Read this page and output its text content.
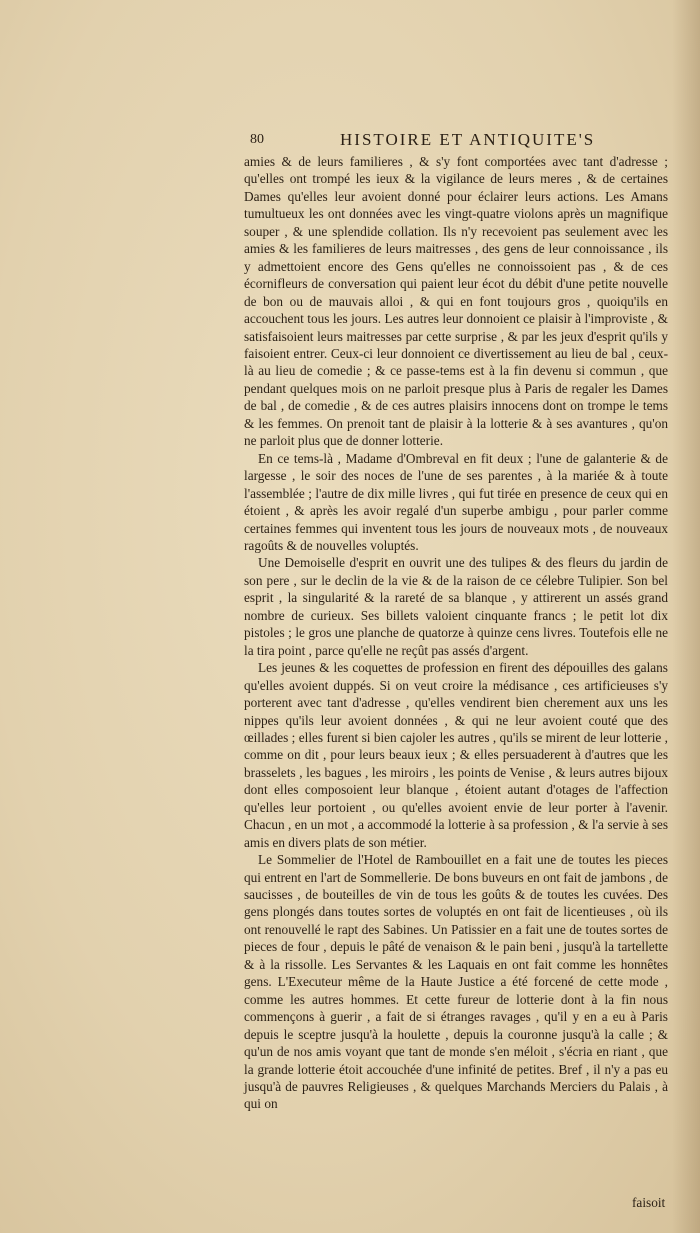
80	HISTOIRE ET ANTIQUITE'S

amies & de leurs familieres , & s'y font comportées avec tant d'adresse ; qu'elles ont trompé les ieux & la vigilance de leurs meres , & de certaines Dames qu'elles leur avoient donné pour éclairer leurs actions. Les Amans tumultueux les ont données avec les vingt-quatre violons après un magnifique souper , & une splendide collation. Ils n'y recevoient pas seulement avec les amies & les familieres de leurs maitresses , des gens de leur connoissance , ils y admettoient encore des Gens qu'elles ne connoissoient pas , & de ces écornifleurs de conversation qui paient leur écot du débit d'une petite nouvelle de bon ou de mauvais alloi , & qui en font toujours gros , quoiqu'ils en accouchent tous les jours. Les autres leur donnoient ce plaisir à l'improviste , & satisfaisoient leurs maitresses par cette surprise , & par les jeux d'esprit qu'ils y faisoient entrer. Ceux-ci leur donnoient ce divertissement au lieu de bal , ceux-là au lieu de comedie ; & ce passe-tems est à la fin devenu si commun , que pendant quelques mois on ne parloit presque plus à Paris de regaler les Dames de bal , de comedie , & de ces autres plaisirs innocens dont on trompe le tems & les femmes. On prenoit tant de plaisir à la lotterie & à ses avantures , qu'on ne parloit plus que de donner lotterie.

En ce tems-là , Madame d'Ombreval en fit deux ; l'une de galanterie & de largesse , le soir des noces de l'une de ses parentes , à la mariée & à toute l'assemblée ; l'autre de dix mille livres , qui fut tirée en presence de ceux qui en étoient , & après les avoir regalé d'un superbe ambigu , pour parler comme certaines femmes qui inventent tous les jours de nouveaux mots , de nouveaux ragoûts & de nouvelles voluptés.

Une Demoiselle d'esprit en ouvrit une des tulipes & des fleurs du jardin de son pere , sur le declin de la vie & de la raison de ce célebre Tulipier. Son bel esprit , la singularité & la rareté de sa blanque , y attirerent un assés grand nombre de curieux. Ses billets valoient cinquante francs ; le petit lot dix pistoles ; le gros une planche de quatorze à quinze cens livres. Toutefois elle ne la tira point , parce qu'elle ne reçût pas assés d'argent.

Les jeunes & les coquettes de profession en firent des dépouilles des galans qu'elles avoient duppés. Si on veut croire la médisance , ces artificieuses s'y porterent avec tant d'adresse , qu'elles vendirent bien cherement aux uns les nippes qu'ils leur avoient données , & qui ne leur avoient couté que des œillades ; elles furent si bien cajoler les autres , qu'ils se mirent de leur lotterie , comme on dit , pour leurs beaux ieux ; & elles persuaderent à d'autres que les brasselets , les bagues , les miroirs , les points de Venise , & leurs autres bijoux dont elles composoient leur blanque , étoient autant d'otages de l'affection qu'elles leur portoient , ou qu'elles avoient envie de leur porter à l'avenir. Chacun , en un mot , a accommodé la lotterie à sa profession , & l'a servie à ses amis en divers plats de son métier.

Le Sommelier de l'Hotel de Rambouillet en a fait une de toutes les pieces qui entrent en l'art de Sommellerie. De bons buveurs en ont fait de jambons , de saucisses , de bouteilles de vin de tous les goûts & de toutes les cuvées. Des gens plongés dans toutes sortes de voluptés en ont fait de licentieuses , où ils ont renouvellé le rapt des Sabines. Un Patissier en a fait une de toutes sortes de pieces de four , depuis le pâté de venaison & le pain beni , jusqu'à la tartellette & à la rissolle. Les Servantes & les Laquais en ont fait comme les honnêtes gens. L'Executeur même de la Haute Justice a été forcené de cette mode , comme les autres hommes. Et cette fureur de lotterie dont à la fin nous commençons à guerir , a fait de si étranges ravages , qu'il y en a eu à Paris depuis le sceptre jusqu'à la houlette , depuis la couronne jusqu'à la calle ; & qu'un de nos amis voyant que tant de monde s'en méloit , s'écria en riant , que la grande lotterie étoit accouchée d'une infinité de petites. Bref , il n'y a pas eu jusqu'à de pauvres Religieuses , & quelques Marchands Merciers du Palais , à qui on

faisoit
